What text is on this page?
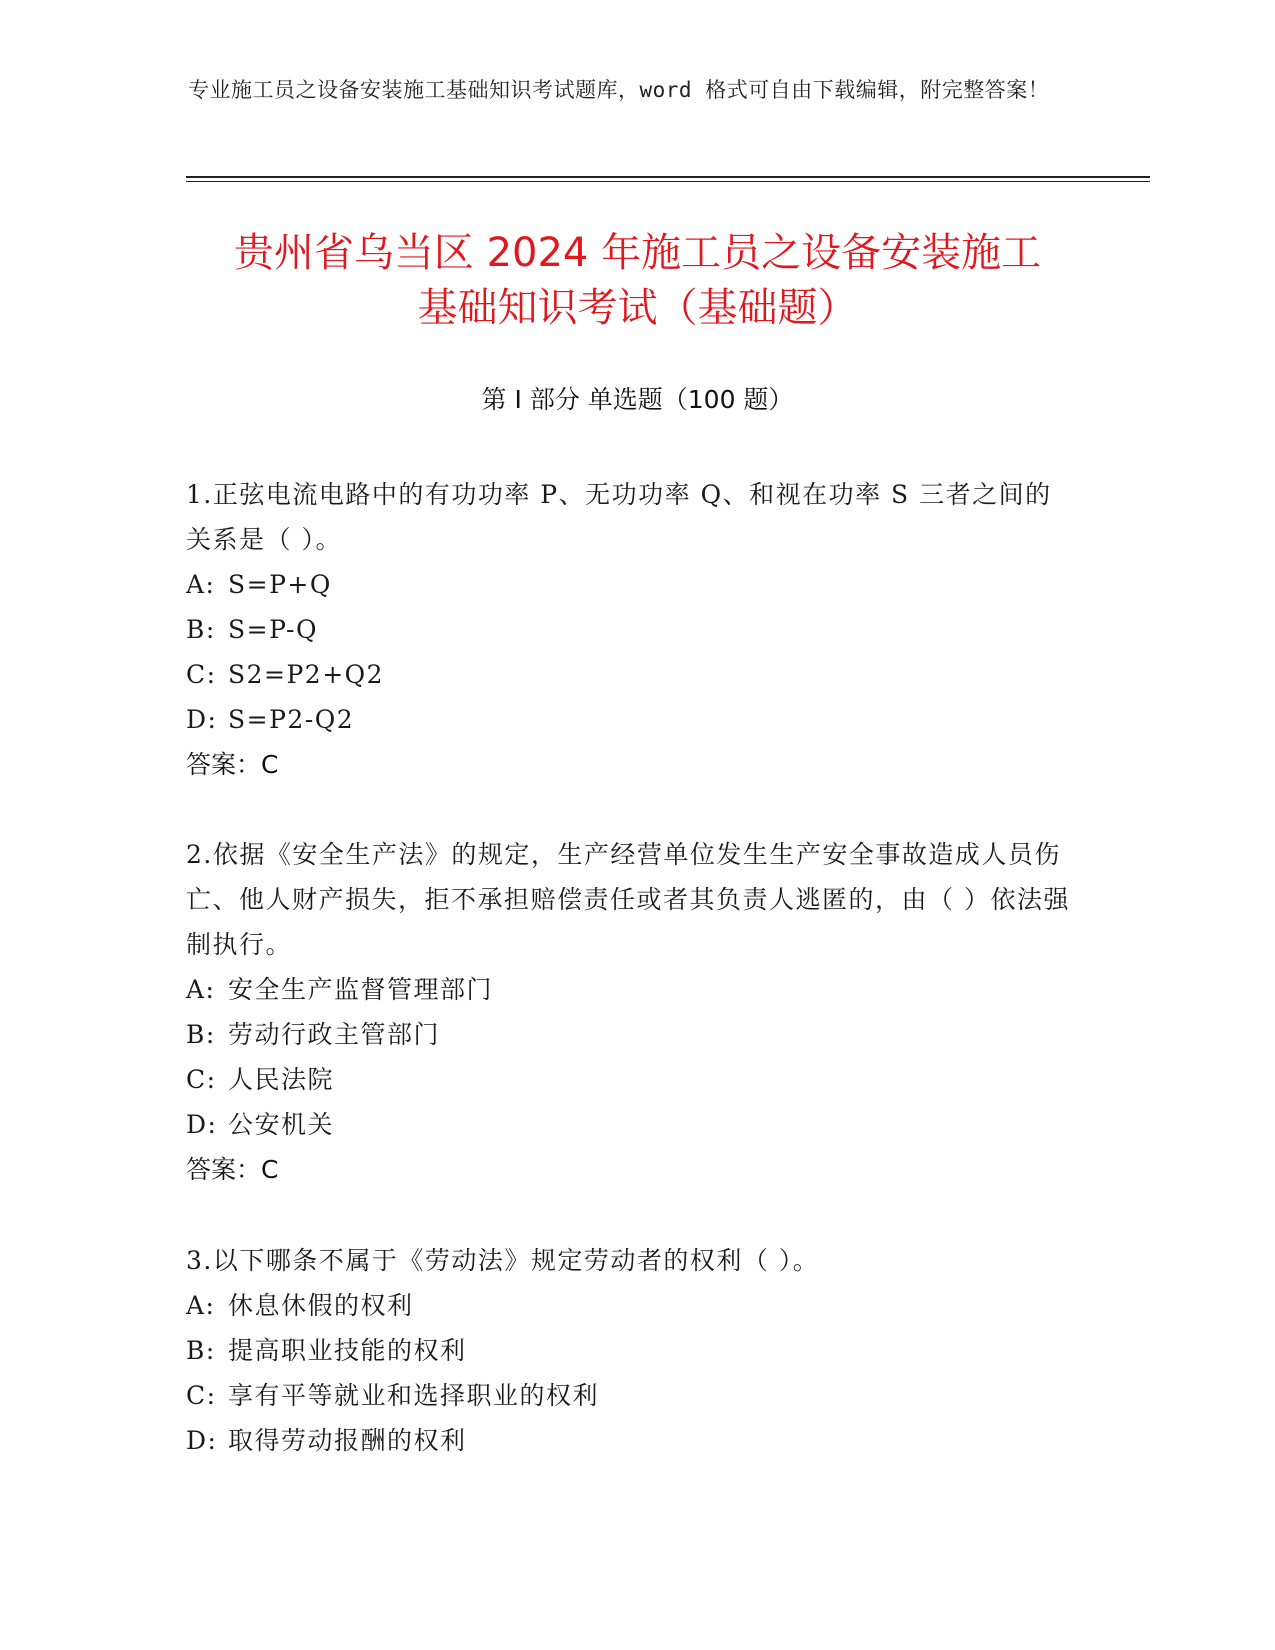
专业施工员之设备安装施工基础知识考试题库，word 格式可自由下载编辑，附完整答案！
贵州省乌当区 2024 年施工员之设备安装施工
基础知识考试（基础题）
第 I 部分 单选题（100 题）
1.正弦电流电路中的有功功率 P、无功功率 Q、和视在功率 S 三者之间的关系是（ ）。
A: S=P+Q
B: S=P-Q
C: S2=P2+Q2
D: S=P2-Q2
答案：C
2.依据《安全生产法》的规定，生产经营单位发生生产安全事故造成人员伤亡、他人财产损失，拒不承担赔偿责任或者其负责人逃匿的，由（ ）依法强制执行。
A: 安全生产监督管理部门
B: 劳动行政主管部门
C: 人民法院
D: 公安机关
答案：C
3.以下哪条不属于《劳动法》规定劳动者的权利（ ）。
A: 休息休假的权利
B: 提高职业技能的权利
C: 享有平等就业和选择职业的权利
D: 取得劳动报酬的权利
